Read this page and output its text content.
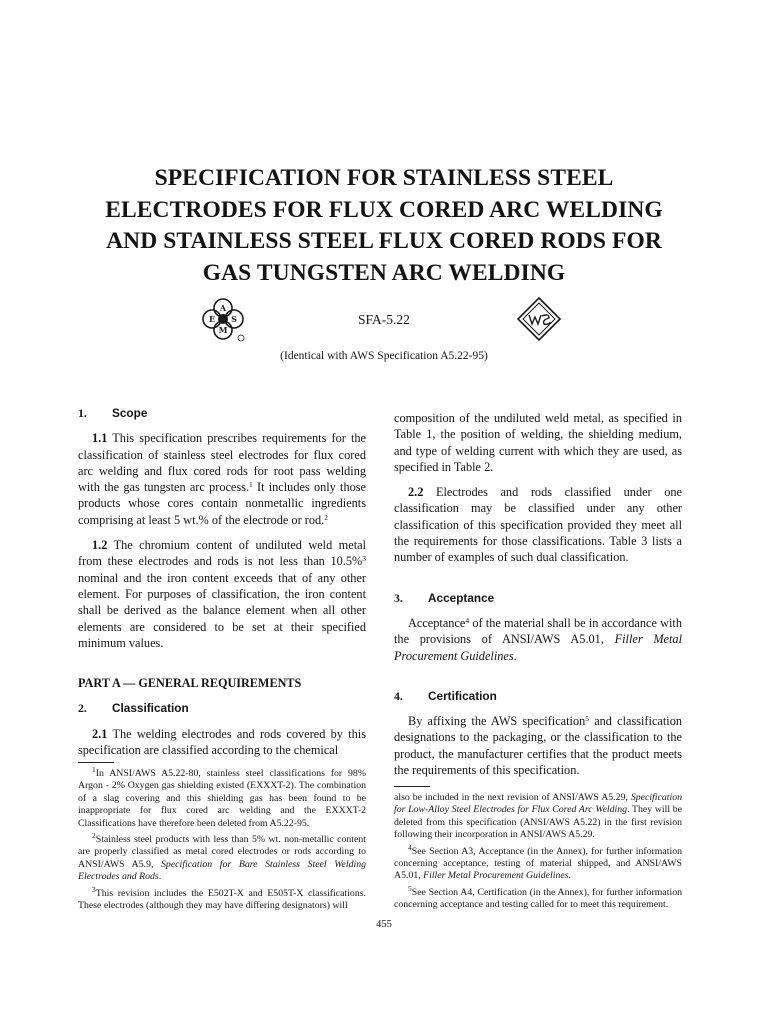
SPECIFICATION FOR STAINLESS STEEL
ELECTRODES FOR FLUX CORED ARC WELDING
AND STAINLESS STEEL FLUX CORED RODS FOR
GAS TUNGSTEN ARC WELDING
A
E S
M
SFA-5.22
(Identical with AWS Specification A5.22-95)
1. Scope

1.1 This specification prescribes requirements for the classification of stainless steel electrodes for flux cored arc welding and flux cored rods for root pass welding with the gas tungsten arc process.$^1$ It includes only those products whose cores contain nonmetallic ingredients comprising at least 5 wt.% of the electrode or rod.$^2$

1.2 The chromium content of undiluted weld metal from these electrodes and rods is not less than 10.5%$^3$ nominal and the iron content exceeds that of any other element. For purposes of classification, the iron content shall be derived as the balance element when all other elements are considered to be set at their specified minimum values.

PART A — GENERAL REQUIREMENTS
2. Classification

2.1 The welding electrodes and rods covered by this specification are classified according to the chemical

composition of the undiluted weld metal, as specified in Table 1, the position of welding, the shielding medium, and type of welding current with which they are used, as specified in Table 2.

2.2 Electrodes and rods classified under one classification may be classified under any other classification of this specification provided they meet all the requirements for those classifications. Table 3 lists a number of examples of such dual classification.

3. Acceptance

Acceptance$^4$ of the material shall be in accordance with the provisions of ANSI/AWS A5.01, Filler Metal Procurement Guidelines.

4. Certification

By affixing the AWS specification$^5$ and classification designations to the packaging, or the classification to the product, the manufacturer certifies that the product meets the requirements of this specification.

$^1$In ANSI/AWS A5.22-80, stainless steel classifications for 98% Argon - 2% Oxygen gas shielding existed (EXXXT-2). The combination of a slag covering and this shielding gas has been found to be inappropriate for flux cored arc welding and the EXXXT-2 Classifications have therefore been deleted from A5.22-95.

$^2$Stainless steel products with less than 5% wt. non-metallic content are properly classified as metal cored electrodes or rods according to ANSI/AWS A5.9, Specification for Bare Stainless Steel Welding Electrodes and Rods.

$^3$This revision includes the E502T-X and E505T-X classifications. These electrodes (although they may have differing designators) will

also be included in the next revision of ANSI/AWS A5.29, Specification for Low-Alloy Steel Electrodes for Flux Cored Arc Welding. They will be deleted from this specification (ANSI/AWS A5.22) in the first revision following their incorporation in ANSI/AWS A5.29.

$^4$See Section A3, Acceptance (in the Annex), for further information concerning acceptance, testing of material shipped, and ANSI/AWS A5.01, Filler Metal Procurement Guidelines.

$^5$See Section A4, Certification (in the Annex), for further information concerning acceptance and testing called for to meet this requirement.

455
